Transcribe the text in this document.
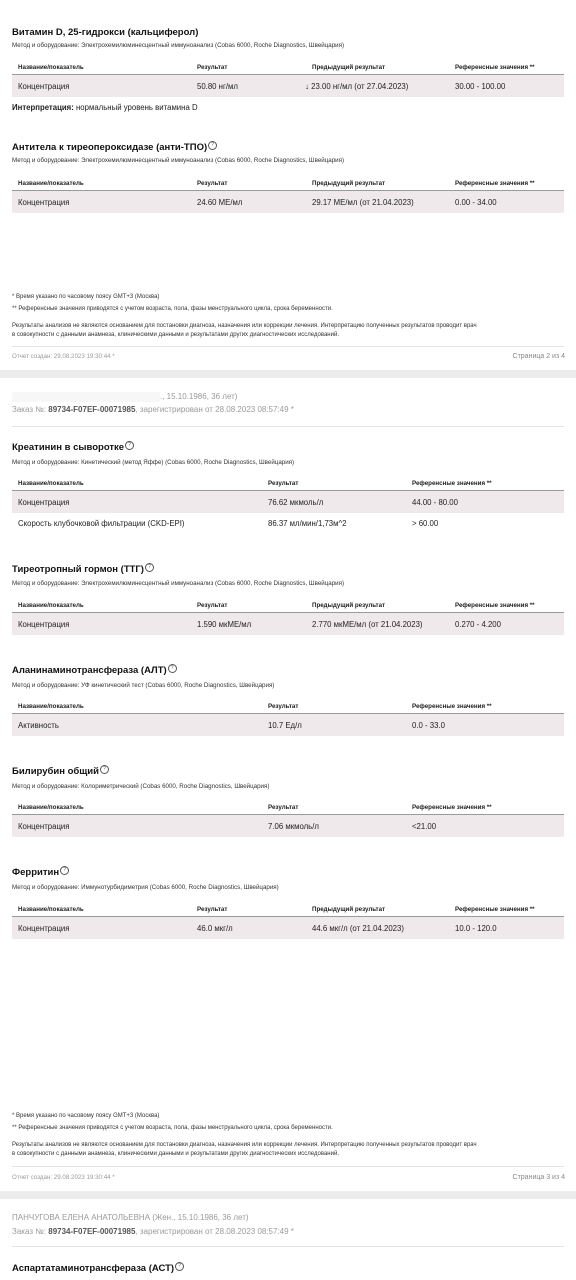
Витамин D, 25-гидрокси (кальциферол)
Метод и оборудование: Электрохемилюминесцентный иммуноанализ (Cobas 6000, Roche Diagnostics, Швейцария)
Название/показатель	Результат	Предыдущий результат	Референсные значения **
Концентрация	50.80 нг/мл	↓ 23.00 нг/мл (от 27.04.2023)	30.00 - 100.00
Интерпретация: нормальный уровень витамина D
Антитела к тиреопероксидазе (анти-ТПО) ?
Метод и оборудование: Электрохемилюминесцентный иммуноанализ (Cobas 6000, Roche Diagnostics, Швейцария)
Название/показатель	Результат	Предыдущий результат	Референсные значения **
Концентрация	24.60 МЕ/мл	29.17 МЕ/мл (от 21.04.2023)	0.00 - 34.00
* Время указано по часовому поясу GMT+3 (Москва)
** Референсные значения приводятся с учетом возраста, пола, фазы менструального цикла, срока беременности.
Результаты анализов не являются основанием для постановки диагноза, назначения или коррекции лечения. Интерпретацию полученных результатов проводит врач
в совокупности с данными анамнеза, клиническими данными и результатами других диагностических исследований.
Отчет создан: 29.08.2023 19:30:44 *	Страница 2 из 4
., 15.10.1986, 36 лет)
Заказ №: 89734-F07EF-00071985, зарегистрирован от 28.08.2023 08:57:49 *
Креатинин в сыворотке ?
Метод и оборудование: Кинетический (метод Яффе) (Cobas 6000, Roche Diagnostics, Швейцария)
Название/показатель	Результат	Референсные значения **
Концентрация	76.62 мкмоль/л	44.00 - 80.00
Скорость клубочковой фильтрации (CKD-EPI)	86.37 мл/мин/1,73м^2	> 60.00
Тиреотропный гормон (ТТГ) ?
Метод и оборудование: Электрохемилюминесцентный иммуноанализ (Cobas 6000, Roche Diagnostics, Швейцария)
Название/показатель	Результат	Предыдущий результат	Референсные значения **
Концентрация	1.590 мкМЕ/мл	2.770 мкМЕ/мл (от 21.04.2023)	0.270 - 4.200
Аланинаминотрансфераза (АЛТ) ?
Метод и оборудование: УФ кинетический тест (Cobas 6000, Roche Diagnostics, Швейцария)
Название/показатель	Результат	Референсные значения **
Активность	10.7 Ед/л	0.0 - 33.0
Билирубин общий ?
Метод и оборудование: Колориметрический (Cobas 6000, Roche Diagnostics, Швейцария)
Название/показатель	Результат	Референсные значения **
Концентрация	7.06 мкмоль/л	<21.00
Ферритин ?
Метод и оборудование: Иммунотурбидиметрия (Cobas 6000, Roche Diagnostics, Швейцария)
Название/показатель	Результат	Предыдущий результат	Референсные значения **
Концентрация	46.0 мкг/л	44.6 мкг/л (от 21.04.2023)	10.0 - 120.0
* Время указано по часовому поясу GMT+3 (Москва)
** Референсные значения приводятся с учетом возраста, пола, фазы менструального цикла, срока беременности.
Результаты анализов не являются основанием для постановки диагноза, назначения или коррекции лечения. Интерпретацию полученных результатов проводит врач
в совокупности с данными анамнеза, клиническими данными и результатами других диагностических исследований.
Отчет создан: 29.08.2023 19:30:44 *	Страница 3 из 4
ПАНЧУГОВА ЕЛЕНА АНАТОЛЬЕВНА (Жен., 15.10.1986, 36 лет)
Заказ №: 89734-F07EF-00071985, зарегистрирован от 28.08.2023 08:57:49 *
Аспартатаминотрансфераза (АСТ) ?
